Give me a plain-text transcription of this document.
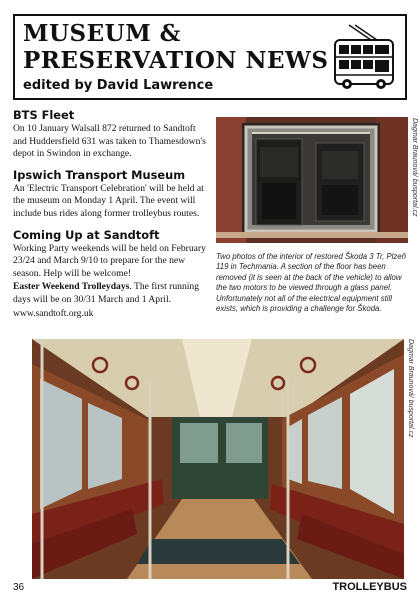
MUSEUM &
PRESERVATION NEWS
edited by David Lawrence
BTS Fleet

On 10 January Walsall 872 returned to Sandtoft and Huddersfield 631 was taken to Thamesdown's depot in Swindon in exchange.

Ipswich Transport Museum

An 'Electric Transport Celebration' will be held at the museum on Monday 1 April. The event will include bus rides along former trolleybus routes.

Coming Up at Sandtoft

Working Party weekends will be held on February 23/24 and March 9/10 to prepare for the new season. Help will be welcome!

Easter Weekend Trolleydays. The first running days will be on 30/31 March and 1 April.

www.sandtoft.org.uk
Dagmar Braunová/ busportal.cz
Two photos of the interior of restored Škoda 3 Tr, Plzeň 119 in Techmania. A section of the floor has been removed (it is seen at the back of the vehicle) to allow the two motors to be viewed through a glass panel. Unfortunately not all of the electrical equipment still exists, which is providing a challenge for Škoda.
Dagmar Braunová/ busportal.cz
36	TROLLEYBUS
